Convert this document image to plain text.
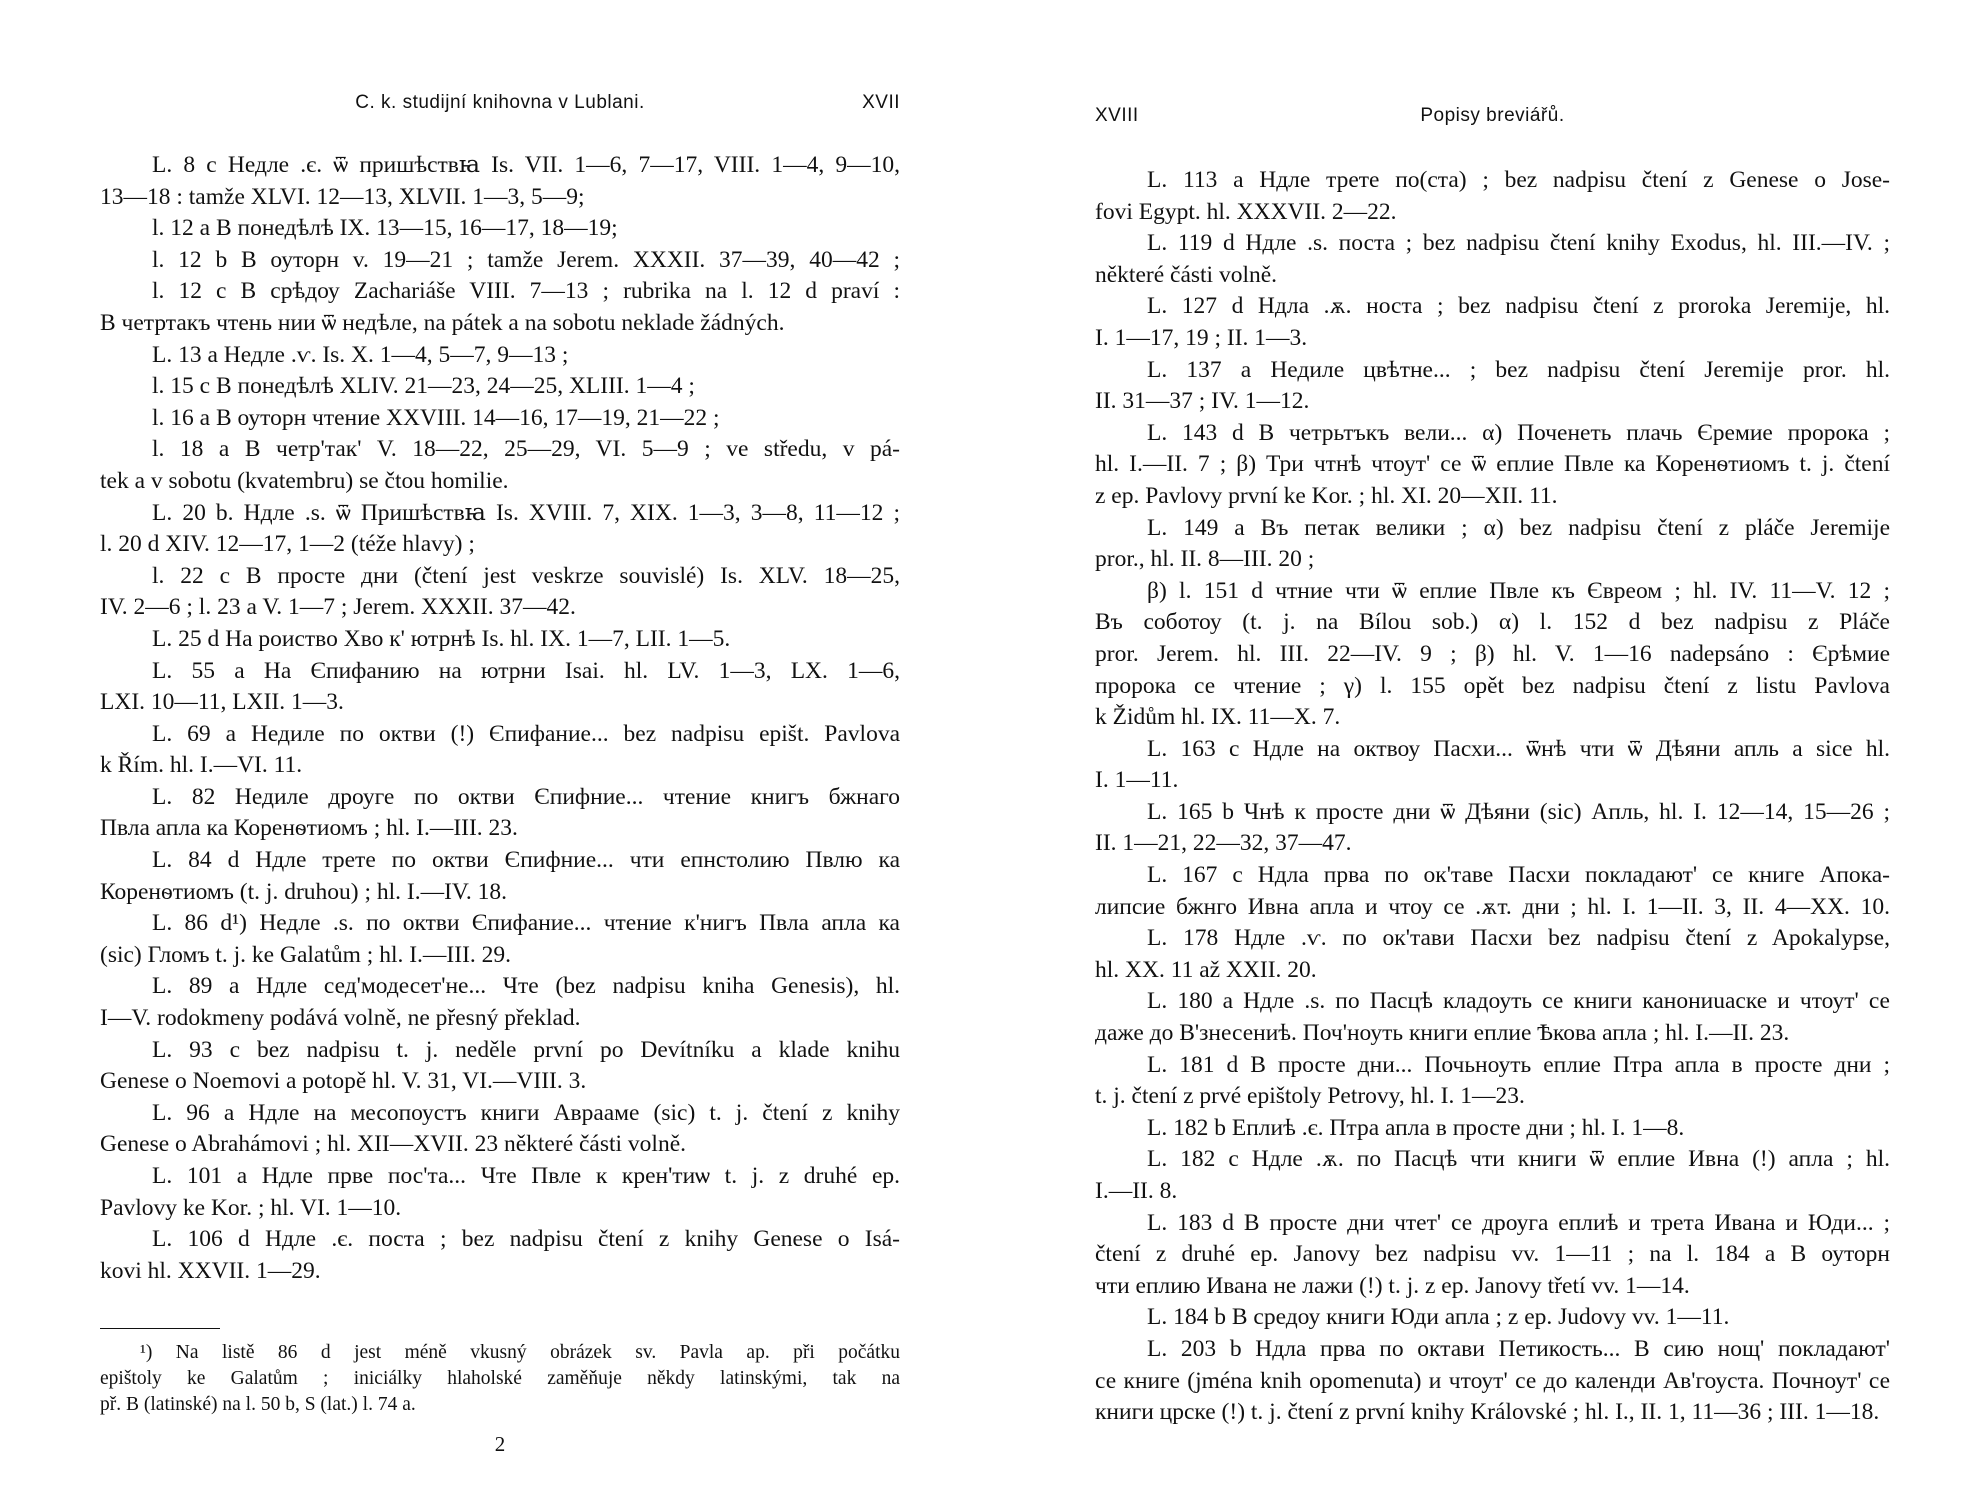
C. k. studijní knihovna v Lublani.	XVII
L. 8 c Недле .є. ѿ пришѣствꙗ Is. VII. 1—6, 7—17, VIII. 1—4, 9—10,
13—18 : tamže XLVI. 12—13, XLVII. 1—3, 5—9;
l. 12 a В понедѣлѣ IX. 13—15, 16—17, 18—19;
l. 12 b В оуторн v. 19—21 ; tamže Jerem. XXXII. 37—39, 40—42 ;
l. 12 c В срѣдоу Zachariáše VIII. 7—13 ; rubrika na l. 12 d praví :
В четртакъ чтень нии ѿ недѣле, na pátek a na sobotu neklade žádných.
L. 13 a Недле .ѵ. Is. X. 1—4, 5—7, 9—13 ;
l. 15 c В понедѣлѣ XLIV. 21—23, 24—25, XLIII. 1—4 ;
l. 16 a В оуторн чтение XXVIII. 14—16, 17—19, 21—22 ;
l. 18 a В четр'так' V. 18—22, 25—29, VI. 5—9 ; ve středu, v pá-
tek a v sobotu (kvatembru) se čtou homilie.
L. 20 b. Ндле .ѕ. ѿ Пришѣствꙗ Is. XVIII. 7, XIX. 1—3, 3—8, 11—12 ;
l. 20 d XIV. 12—17, 1—2 (téže hlavy) ;
l. 22 c В просте дни (čtení jest veskrze souvislé) Is. XLV. 18—25,
IV. 2—6 ; l. 23 a V. 1—7 ; Jerem. XXXII. 37—42.
L. 25 d На роиство Хво к' ютрнѣ Is. hl. IX. 1—7, LII. 1—5.
L. 55 a На Єпифанию на ютрни Isai. hl. LV. 1—3, LX. 1—6,
LXI. 10—11, LXII. 1—3.
L. 69 a Недиле по октви (!) Єпифание... bez nadpisu epišt. Pavlova
k Řím. hl. I.—VI. 11.
L. 82 Недиле дроуге по октви Єпифние... чтение книгъ бжнаго
Пвла апла ка Коренѳтиомъ ; hl. I.—III. 23.
L. 84 d Ндле трете по октви Єпифние... чти епнстолию Пвлю ка
Коренѳтиомъ (t. j. druhou) ; hl. I.—IV. 18.
L. 86 d¹) Недле .ѕ. по октви Єпифание... чтение к'нигъ Пвла апла ка
(sic) Гломъ t. j. ke Galatům ; hl. I.—III. 29.
L. 89 a Ндле сед'модесет'не... Чте (bez nadpisu kniha Genesis), hl.
I—V. rodokmeny podává volně, ne přesný překlad.
L. 93 c bez nadpisu t. j. neděle první po Devítníku a klade knihu
Genese o Noemovi a potopě hl. V. 31, VI.—VIII. 3.
L. 96 a Ндле на месопоустъ книги Аврааме (sic) t. j. čtení z knihy
Genese o Abrahámovi ; hl. XII—XVII. 23 některé části volně.
L. 101 a Ндле прве пос'та... Чте Пвле к крен'тиѡ t. j. z druhé ep.
Pavlovy ke Kor. ; hl. VI. 1—10.
L. 106 d Ндле .є. поста ; bez nadpisu čtení z knihy Genese o Isá-
kovi hl. XXVII. 1—29.
¹) Na listě 86 d jest méně vkusný obrázek sv. Pavla ap. při počátku
epištoly ke Galatům ; iniciálky hlaholské zaměňuje někdy latinskými, tak na
př. B (latinské) na l. 50 b, S (lat.) l. 74 a.
2
XVIII	Popisy breviářů.
L. 113 a Ндле трете по(ста) ; bez nadpisu čtení z Genese o Jose-
fovi Egypt. hl. XXXVII. 2—22.
L. 119 d Ндле .ѕ. поста ; bez nadpisu čtení knihy Exodus, hl. III.—IV. ;
některé části volně.
L. 127 d Ндла .ѫ. носта ; bez nadpisu čtení z proroka Jeremije, hl.
I. 1—17, 19 ; II. 1—3.
L. 137 a Недиле цвѣтне... ; bez nadpisu čtení Jeremije pror. hl.
II. 31—37 ; IV. 1—12.
L. 143 d В четрьтъкъ вели... α) Поченеть плачь Єремие пророка ;
hl. I.—II. 7 ; β) Три чтнѣ чтоут' се ѿ еплие Пвле ка Коренѳтиомъ t. j. čtení
z ep. Pavlovy první ke Kor. ; hl. XI. 20—XII. 11.
L. 149 a Въ петак велики ; α) bez nadpisu čtení z pláče Jeremije
pror., hl. II. 8—III. 20 ;
β) l. 151 d чтние чти ѿ еплие Пвле къ Євреом ; hl. IV. 11—V. 12 ;
Въ соботоу (t. j. na Bílou sob.) α) l. 152 d bez nadpisu z Pláče
pror. Jerem. hl. III. 22—IV. 9 ; β) hl. V. 1—16 nadepsáno : Єрѣмие
пророка се чтение ; γ) l. 155 opět bez nadpisu čtení z listu Pavlova
k Židům hl. IX. 11—X. 7.
L. 163 c Ндле на октвоу Пасхи... ѿнѣ чти ѿ Дѣяни апль a sice hl.
I. 1—11.
L. 165 b Чнѣ к просте дни ѿ Дѣяни (sic) Апль, hl. I. 12—14, 15—26 ;
II. 1—21, 22—32, 37—47.
L. 167 c Ндла прва по ок'таве Пасхи покладают' се книге Апока-
липсие бжнго Ивна апла и чтоу се .ѫт. дни ; hl. I. 1—II. 3, II. 4—XX. 10.
L. 178 Ндле .ѵ. по ок'тави Пасхи bez nadpisu čtení z Apokalypse,
hl. XX. 11 až XXII. 20.
L. 180 a Ндле .ѕ. по Пасцѣ кладоуть се книги канониuаске и чтоут' се
даже до В'знесениѣ. Поч'ноуть книги еплие Ѣкова апла ; hl. I.—II. 23.
L. 181 d В просте дни... Почьноуть еплие Птра апла в просте дни ;
t. j. čtení z prvé epištoly Petrovy, hl. I. 1—23.
L. 182 b Еплиѣ .є. Птра апла в просте дни ; hl. I. 1—8.
L. 182 c Ндле .ѫ. по Пасцѣ чти книги ѿ еплие Ивна (!) апла ; hl.
I.—II. 8.
L. 183 d В просте дни чтет' се дроуга еплиѣ и трета Ивана и Юди... ;
čtení z druhé ep. Janovy bez nadpisu vv. 1—11 ; na l. 184 a В оуторн
чти еплию Ивана не лажи (!) t. j. z ep. Janovy třetí vv. 1—14.
L. 184 b В средоу книги Юди апла ; z ep. Judovy vv. 1—11.
L. 203 b Ндла прва по октави Петикость... В сию нощ' покладают'
се книге (jména knih opomenuta) и чтоут' се до календи Ав'гоуста. Почноут' се
книги црске (!) t. j. čtení z první knihy Královské ; hl. I., II. 1, 11—36 ; III. 1—18.
